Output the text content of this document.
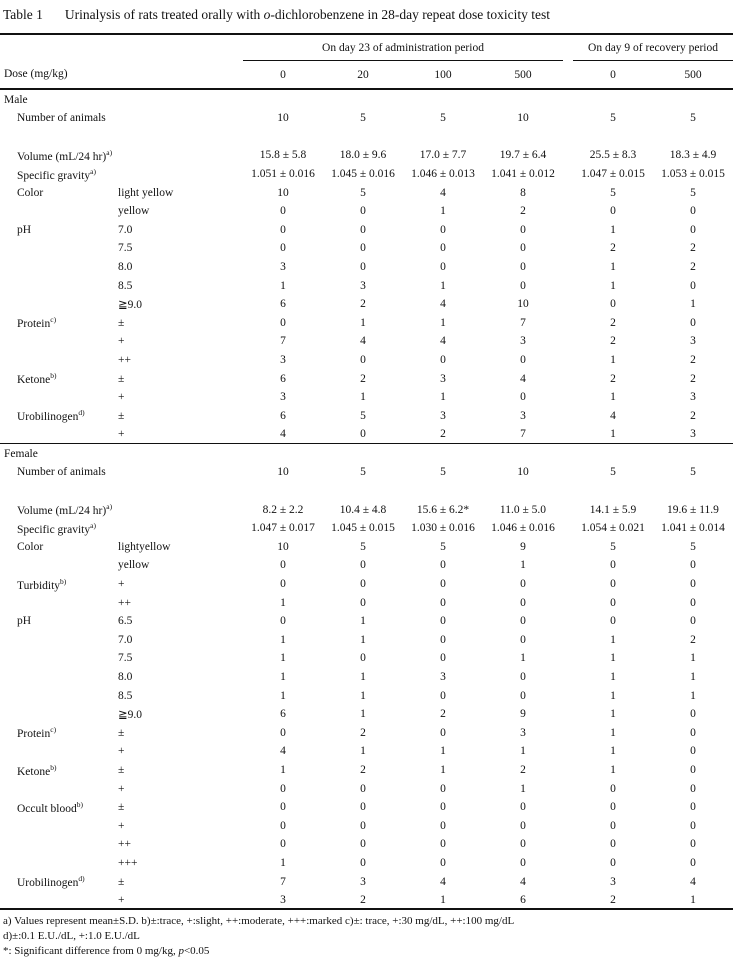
Table 1 Urinalysis of rats treated orally with o-dichlorobenzene in 28-day repeat dose toxicity test
		On day 23 of administration period					On day 9 of recovery period	
Dose (mg/kg)		0	20	100	500		0	500
Male								
Number of animals		10	5	5	10		5	5

Volume (mL/24 hr)$^{a)}$		15.8 ± 5.8	18.0 ± 9.6	17.0 ± 7.7	19.7 ± 6.4		25.5 ± 8.3	18.3 ± 4.9
Specific gravity$^{a)}$		1.051 ± 0.016	1.045 ± 0.016	1.046 ± 0.013	1.041 ± 0.012		1.047 ± 0.015	1.053 ± 0.015
Color	light yellow	10	5	4	8		5	5
	yellow	0	0	1	2		0	0
pH	7.0	0	0	0	0		1	0
	7.5	0	0	0	0		2	2
	8.0	3	0	0	0		1	2
	8.5	1	3	1	0		1	0
	≧9.0	6	2	4	10		0	1
Protein$^{c)}$	±	0	1	1	7		2	0
	+	7	4	4	3		2	3
	++	3	0	0	0		1	2
Ketone$^{b)}$	±	6	2	3	4		2	2
	+	3	1	1	0		1	3
Urobilinogen$^{d)}$	±	6	5	3	3		4	2
	+	4	0	2	7		1	3
Female								
Number of animals		10	5	5	10		5	5

Volume (mL/24 hr)$^{a)}$		8.2 ± 2.2	10.4 ± 4.8	15.6 ± 6.2*	11.0 ± 5.0		14.1 ± 5.9	19.6 ± 11.9
Specific gravity$^{a)}$		1.047 ± 0.017	1.045 ± 0.015	1.030 ± 0.016	1.046 ± 0.016		1.054 ± 0.021	1.041 ± 0.014
Color	lightyellow	10	5	5	9		5	5
	yellow	0	0	0	1		0	0
Turbidity$^{b)}$	+	0	0	0	0		0	0
	++	1	0	0	0		0	0
pH	6.5	0	1	0	0		0	0
	7.0	1	1	0	0		1	2
	7.5	1	0	0	1		1	1
	8.0	1	1	3	0		1	1
	8.5	1	1	0	0		1	1
	≧9.0	6	1	2	9		1	0
Protein$^{c)}$	±	0	2	0	3		1	0
	+	4	1	1	1		1	0
Ketone$^{b)}$	±	1	2	1	2		1	0
	+	0	0	0	1		0	0
Occult blood$^{b)}$	±	0	0	0	0		0	0
	+	0	0	0	0		0	0
	++	0	0	0	0		0	0
	+++	1	0	0	0		0	0
Urobilinogen$^{d)}$	±	7	3	4	4		3	4
	+	3	2	1	6		2	1
a) Values represent mean±S.D. b)±:trace, +:slight, ++:moderate, +++:marked c)±: trace, +:30 mg/dL, ++:100 mg/dL
d)±:0.1 E.U./dL, +:1.0 E.U./dL
*: Significant difference from 0 mg/kg, p<0.05
